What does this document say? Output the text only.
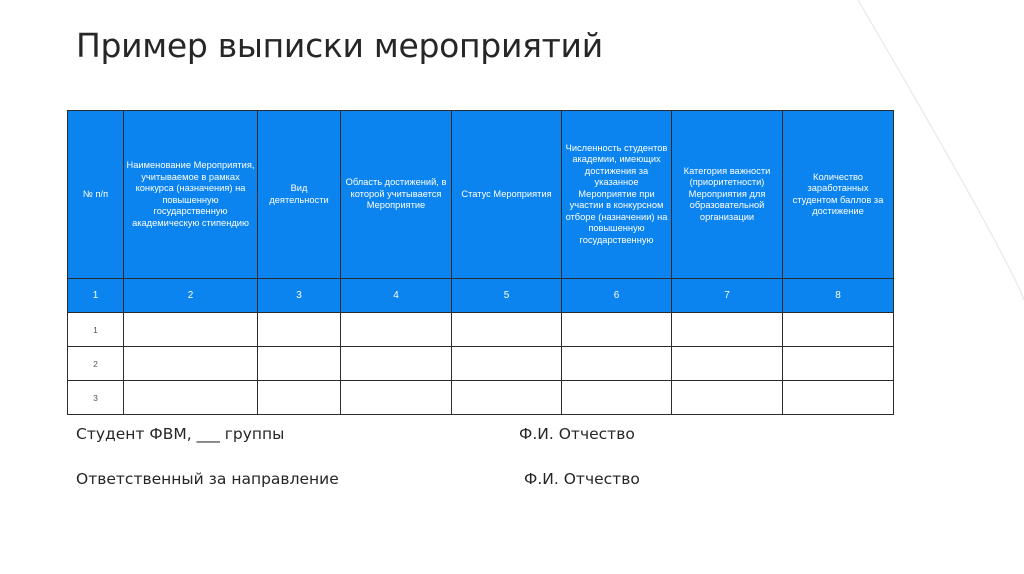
Пример выписки мероприятий
№ п/п	Наименование Мероприятия, учитываемое в рамках конкурса (назначения) на повышенную государственную академическую стипендию	Вид деятельности	Область достижений, в которой учитывается Мероприятие	Статус Мероприятия	Численность студентов академии, имеющих достижения за указанное Мероприятие при участии в конкурсном отборе (назначении) на повышенную государственную	Категория важности (приоритетности) Мероприятия для образовательной организации	Количество заработанных студентом баллов за достижение
1	2	3	4	5	6	7	8
1							
2							
3							
Студент ФВМ, ___ группы	Ф.И. Отчество
Ответственный за направление	Ф.И. Отчество
